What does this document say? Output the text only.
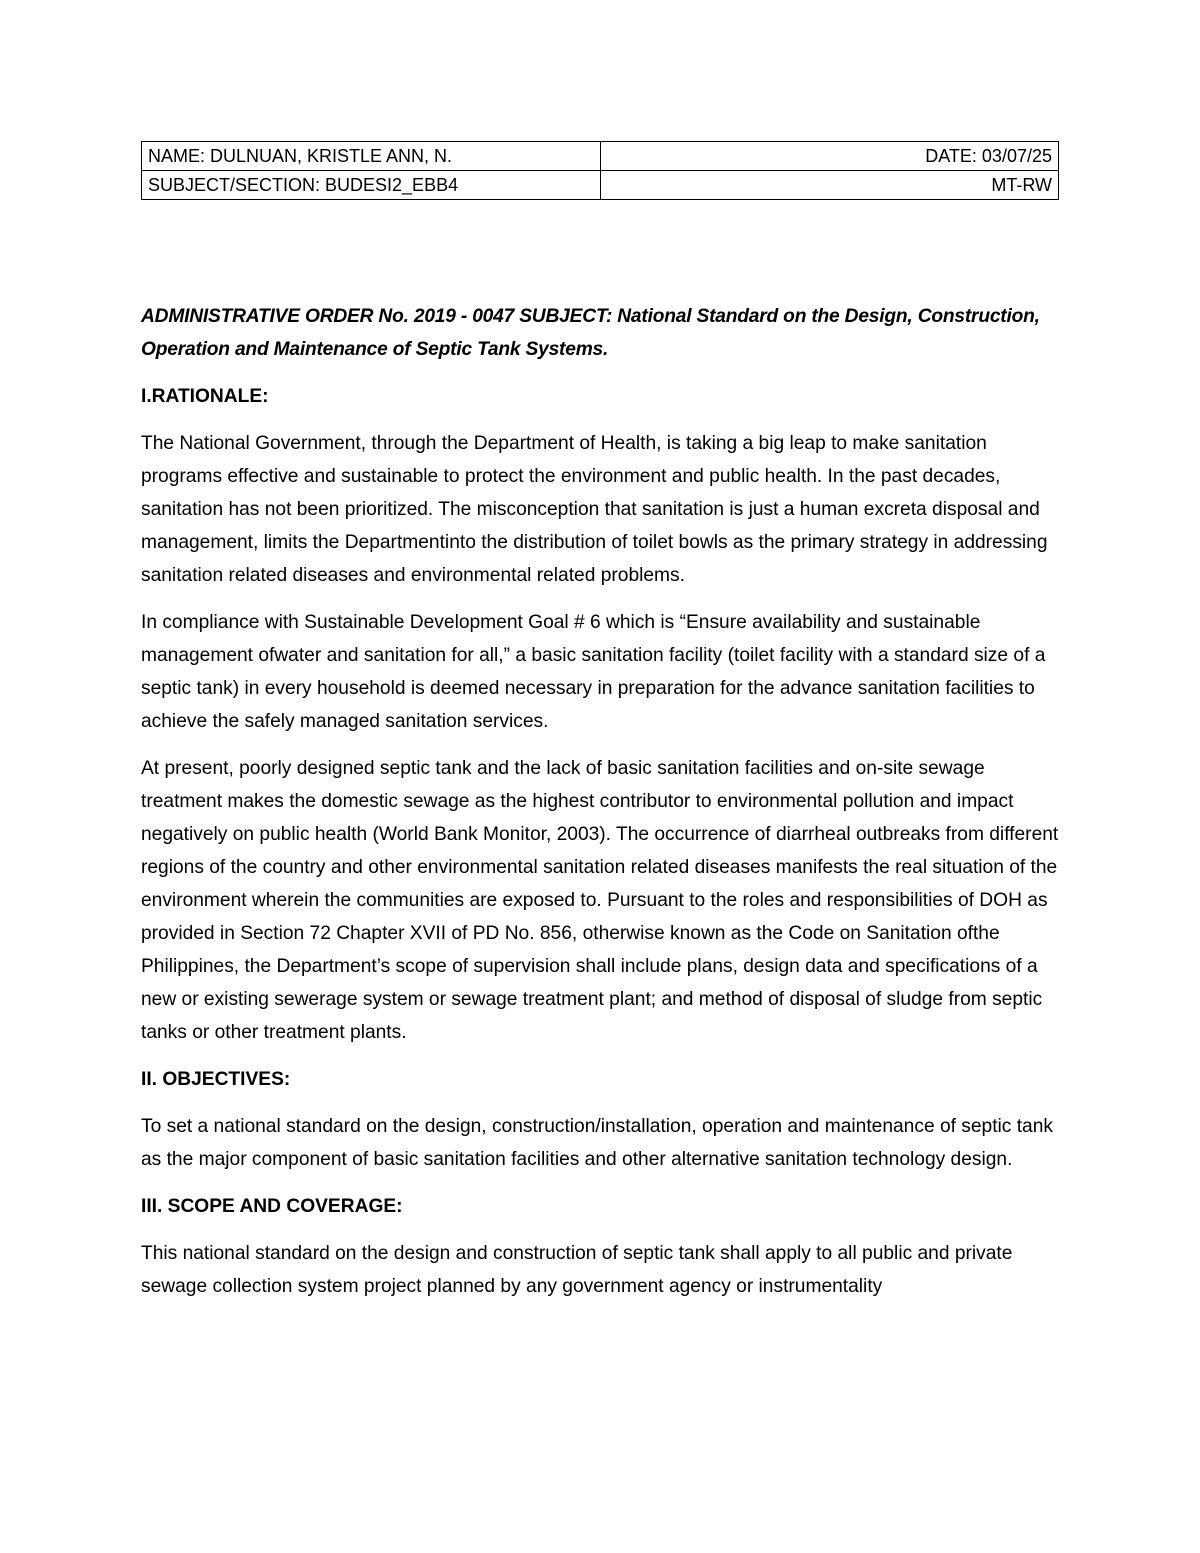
NAME: DULNUAN, KRISTLE ANN, N.	DATE: 03/07/25
SUBJECT/SECTION: BUDESI2_EBB4	MT-RW

ADMINISTRATIVE ORDER No. 2019 - 0047 SUBJECT: National Standard on the Design, Construction, Operation and Maintenance of Septic Tank Systems.

I.RATIONALE:

The National Government, through the Department of Health, is taking a big leap to make sanitation programs effective and sustainable to protect the environment and public health. In the past decades, sanitation has not been prioritized. The misconception that sanitation is just a human excreta disposal and management, limits the Departmentinto the distribution of toilet bowls as the primary strategy in addressing sanitation related diseases and environmental related problems.

In compliance with Sustainable Development Goal # 6 which is “Ensure availability and sustainable management ofwater and sanitation for all,” a basic sanitation facility (toilet facility with a standard size of a septic tank) in every household is deemed necessary in preparation for the advance sanitation facilities to achieve the safely managed sanitation services.

At present, poorly designed septic tank and the lack of basic sanitation facilities and on-site sewage treatment makes the domestic sewage as the highest contributor to environmental pollution and impact negatively on public health (World Bank Monitor, 2003). The occurrence of diarrheal outbreaks from different regions of the country and other environmental sanitation related diseases manifests the real situation of the environment wherein the communities are exposed to. Pursuant to the roles and responsibilities of DOH as provided in Section 72 Chapter XVII of PD No. 856, otherwise known as the Code on Sanitation ofthe Philippines, the Department’s scope of supervision shall include plans, design data and specifications of a new or existing sewerage system or sewage treatment plant; and method of disposal of sludge from septic tanks or other treatment plants.

II. OBJECTIVES:

To set a national standard on the design, construction/installation, operation and maintenance of septic tank as the major component of basic sanitation facilities and other alternative sanitation technology design.

III. SCOPE AND COVERAGE:

This national standard on the design and construction of septic tank shall apply to all public and private sewage collection system project planned by any government agency or instrumentality
